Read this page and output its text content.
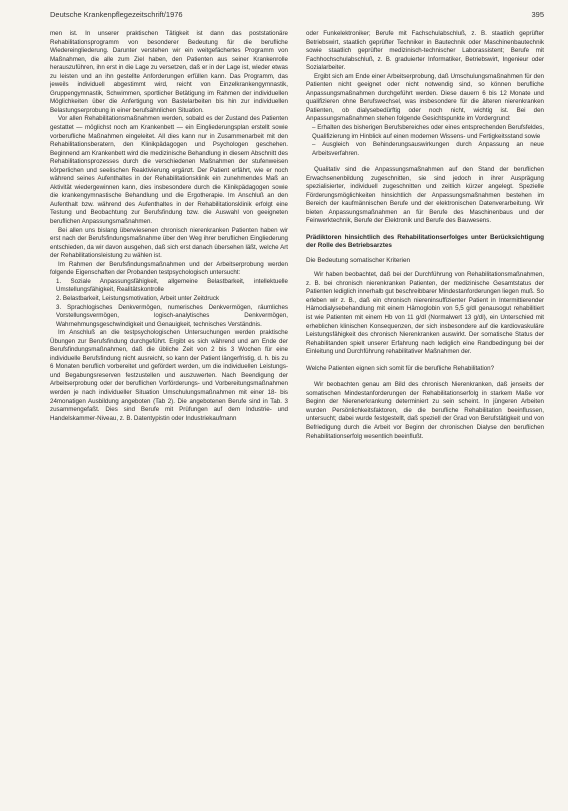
Deutsche Krankenpflegezeitschrift/1976	395

men ist. In unserer praktischen Tätigkeit ist dann das poststationäre Rehabilitationsprogramm von besonderer Bedeutung für die berufliche Wiedereingliederung. Darunter verstehen wir ein weitgefächertes Programm von Maßnahmen, die alle zum Ziel haben, den Patienten aus seiner Krankenrolle herauszuführen, ihn erst in die Lage zu versetzen, daß er in der Lage ist, wieder etwas zu leisten und an ihn gestellte Anforderungen erfüllen kann. Das Programm, das jeweils individuell abgestimmt wird, reicht von Einzelkrankengymnastik, Gruppengymnastik, Schwimmen, sportlicher Betätigung im Rahmen der individuellen Möglichkeiten über die Anfertigung von Bastelarbeiten bis hin zur individuellen Belastungserprobung in einer berufsähnlichen Situation.

Vor allen Rehabilitationsmaßnahmen werden, sobald es der Zustand des Patienten gestattet — möglichst noch am Krankenbett — ein Eingliederungsplan erstellt sowie vorberufliche Maßnahmen eingeleitet. All dies kann nur in Zusammenarbeit mit den Rehabilitationsberatern, den Klinikpädagogen und Psychologen geschehen. Beginnend am Krankenbett wird die medizinische Behandlung in diesem Abschnitt des Rehabilitationsprozesses durch die verschiedenen Maßnahmen der stufenweisen körperlichen und seelischen Reaktivierung ergänzt. Der Patient erfährt, wie er noch während seines Aufenthaltes in der Rehabilitationsklinik ein zunehmendes Maß an Aktivität wiedergewinnen kann, dies insbesondere durch die Klinikpädagogen sowie die krankengymnastische Behandlung und die Ergotherapie. Im Anschluß an den Aufenthalt bzw. während des Aufenthaltes in der Rehabilitationsklinik erfolgt eine Testung und Beobachtung zur Berufsfindung bzw. die Auswahl von geeigneten beruflichen Anpassungsmaßnahmen.

Bei allen uns bislang überwiesenen chronisch nierenkranken Patienten haben wir erst nach der Berufsfindungsmaßnahme über den Weg ihrer beruflichen Eingliederung entschieden, da wir davon ausgehen, daß sich erst danach übersehen läßt, welche Art der Rehabilitationsleistung zu wählen ist.

Im Rahmen der Berufsfindungsmaßnahmen und der Arbeitserprobung werden folgende Eigenschaften der Probanden testpsychologisch untersucht:

1. Soziale Anpassungsfähigkeit, allgemeine Belastbarkeit, intellektuelle Umstellungsfähigkeit, Realitätskontrolle

2. Belastbarkeit, Leistungsmotivation, Arbeit unter Zeitdruck

3. Sprachlogisches Denkvermögen, numerisches Denkvermögen, räumliches Vorstellungsvermögen, logisch-analytisches Denkvermögen, Wahrnehmungsgeschwindigkeit und Genauigkeit, technisches Verständnis.

Im Anschluß an die testpsychologischen Untersuchungen werden praktische Übungen zur Berufsfindung durchgeführt. Ergibt es sich während und am Ende der Berufsfindungsmaßnahmen, daß die übliche Zeit von 2 bis 3 Wochen für eine individuelle Berufsfindung nicht ausreicht, so kann der Patient längerfristig, d. h. bis zu 6 Monaten beruflich vorbereitet und gefördert werden, um die individuellen Leistungs- und Begabungsreserven festzustellen und auszuwerten. Nach Beendigung der Arbeitserprobung oder der beruflichen Vorförderungs- und Vorbereitungsmaßnahmen werden je nach individueller Situation Umschulungsmaßnahmen mit einer 18- bis 24monatigen Ausbildung angeboten (Tab 2). Die angebotenen Berufe sind in Tab. 3 zusammengefaßt. Dies sind Berufe mit Prüfungen auf dem Industrie- und Handelskammer-Niveau, z. B. Datentypistin oder Industriekaufmann

oder Funkelektroniker; Berufe mit Fachschulabschluß, z. B. staatlich geprüfter Betriebswirt, staatlich geprüfter Techniker in Bautechnik oder Maschinenbautechnik sowie staatlich geprüfter medizinisch-technischer Laborassistent; Berufe mit Fachhochschulabschluß, z. B. graduierter Informatiker, Betriebswirt, Ingenieur oder Sozialarbeiter.

Ergibt sich am Ende einer Arbeitserprobung, daß Umschulungsmaßnahmen für den Patienten nicht geeignet oder nicht notwendig sind, so können berufliche Anpassungsmaßnahmen durchgeführt werden. Diese dauern 6 bis 12 Monate und qualifizieren ohne Berufswechsel, was insbesondere für die älteren nierenkranken Patienten, ob dialysebedürftig oder noch nicht, wichtig ist. Bei den Anpassungsmaßnahmen stehen folgende Gesichtspunkte im Vordergrund:

– Erhalten des bisherigen Berufsbereiches oder eines entsprechenden Berufsfeldes, Qualifizierung im Hinblick auf einen modernen Wissens- und Fertigkeitsstand sowie

– Ausgleich von Behinderungsauswirkungen durch Anpassung an neue Arbeitsverfahren.

Qualitativ sind die Anpassungsmaßnahmen auf den Stand der beruflichen Erwachsenenbildung zugeschnitten, sie sind jedoch in ihrer Ausprägung spezialisierter, individuell zugeschnitten und zeitlich kürzer angelegt. Spezielle Förderungsmöglichkeiten hinsichtlich der Anpassungsmaßnahmen bestehen im Bereich der kaufmännischen Berufe und der elektronischen Datenverarbeitung. Wir bieten Anpassungsmaßnahmen an für Berufe des Maschinenbaus und der Feinwerktechnik, Berufe der Elektronik und Berufe des Bauwesens.

Prädiktoren hinsichtlich des Rehabilitationserfolges unter Berücksichtigung der Rolle des Betriebsarztes
Die Bedeutung somatischer Kriterien

Wir haben beobachtet, daß bei der Durchführung von Rehabilitationsmaßnahmen, z. B. bei chronisch nierenkranken Patienten, der medizinische Gesamtstatus der Patienten lediglich innerhalb gut beschreibbarer Mindestanforderungen liegen muß. So erleben wir z. B., daß ein chronisch niereninsuffizienter Patient in Intermittierender Hämodialysebehandlung mit einem Hämoglobin von 5,5 g/dl genausogut rehabilitiert ist wie Patienten mit einem Hb von 11 g/dl (Normalwert 13 g/dl), ein Unterschied mit erheblichen klinischen Konsequenzen, der sich insbesondere auf die kardiovaskuläre Leistungsfähigkeit des chronisch Nierenkranken auswirkt. Der somatische Status der Rehabilitanden spielt unserer Erfahrung nach lediglich eine Randbedingung bei der Einleitung und Durchführung rehabilitativer Maßnahmen der.

Welche Patienten eignen sich somit für die berufliche Rehabilitation?

Wir beobachten genau am Bild des chronisch Nierenkranken, daß jenseits der somatischen Mindestanforderungen der Rehabilitationserfolg in starkem Maße vor Beginn der Nierenerkrankung determiniert zu sein scheint. In jüngeren Arbeiten wurden Persönlichkeitsfaktoren, die die berufliche Rehabilitation beeinflussen, untersucht; dabei wurde festgestellt, daß speziell der Grad von Berufstätigkeit und von Befriedigung durch die Arbeit vor Beginn der chronischen Dialyse den beruflichen Rehabilitationserfolg wesentlich beeinflußt.
